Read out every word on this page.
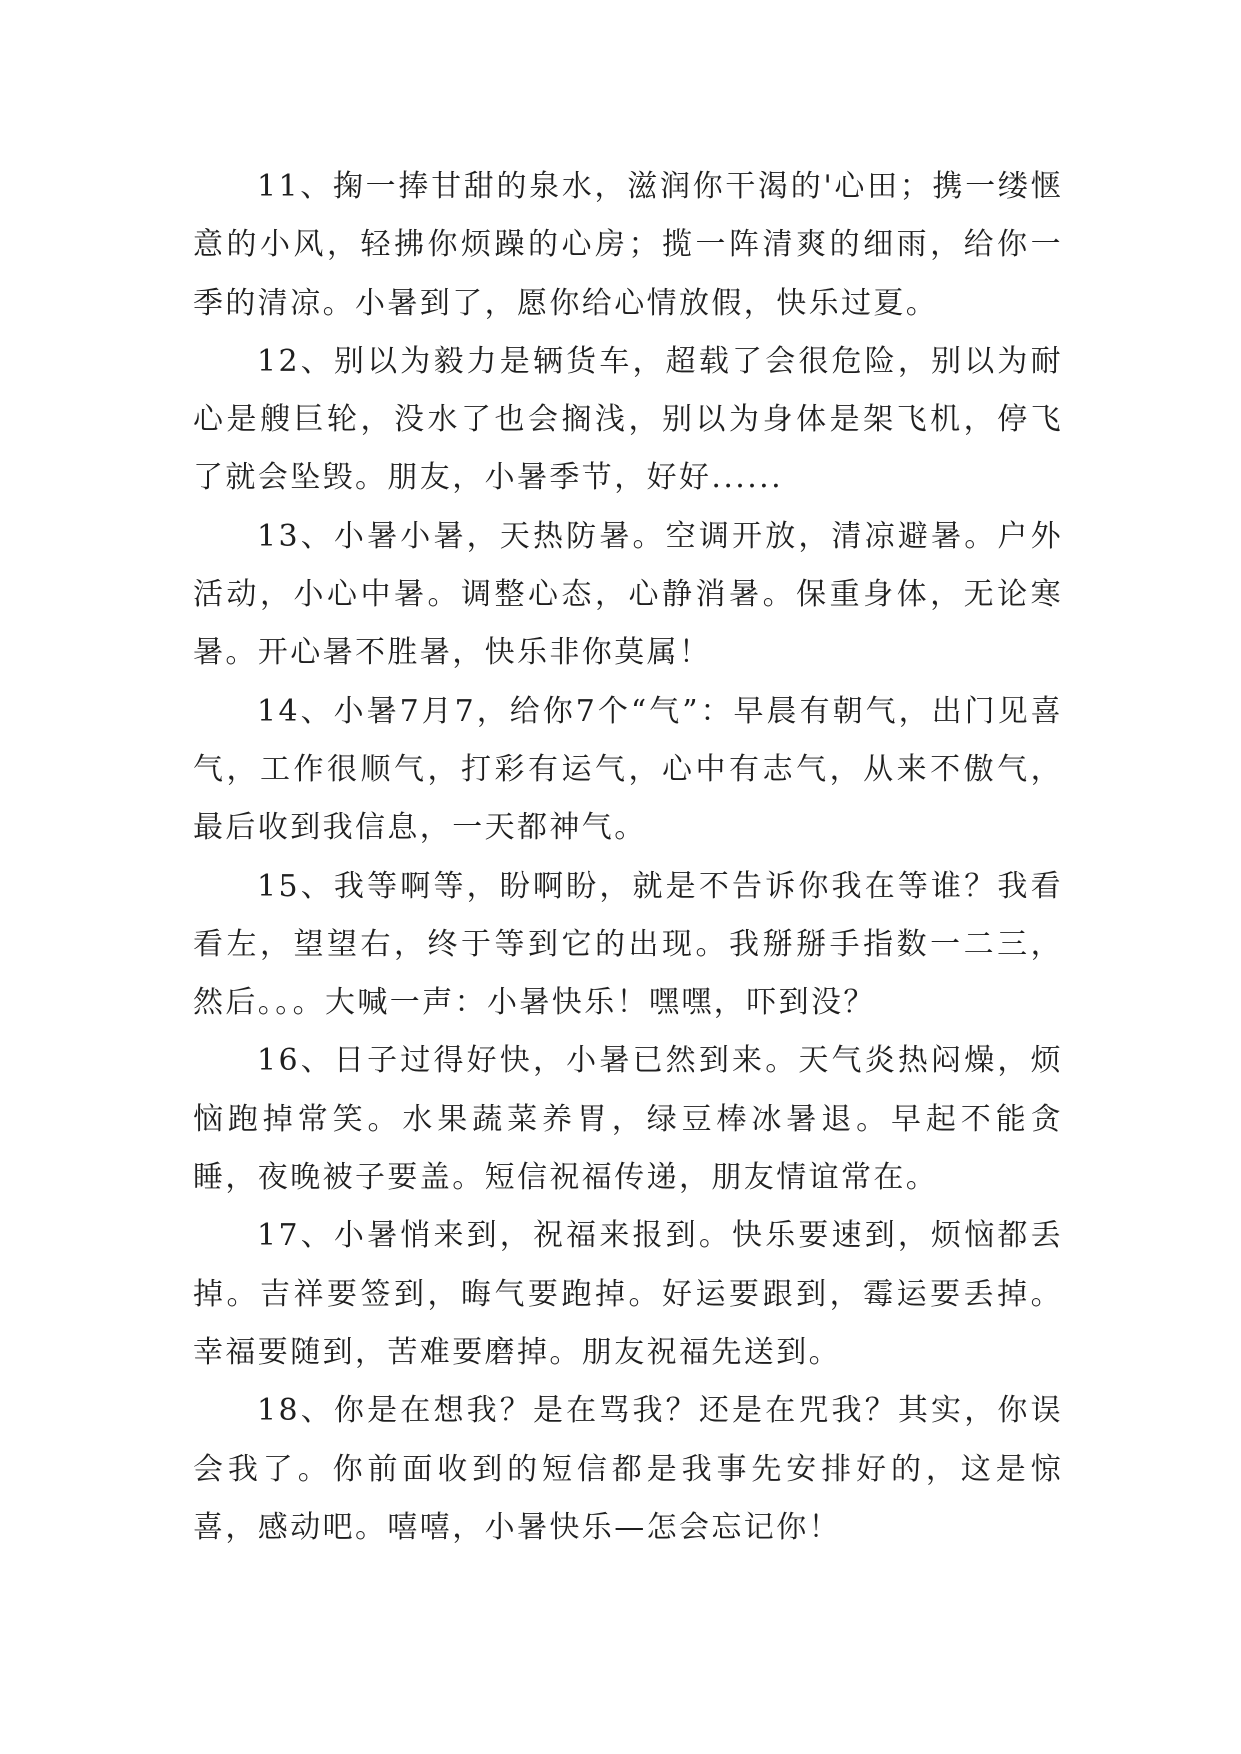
11、掬一捧甘甜的泉水，滋润你干渴的'心田；携一缕惬意的小风，轻拂你烦躁的心房；揽一阵清爽的细雨，给你一季的清凉。小暑到了，愿你给心情放假，快乐过夏。

12、别以为毅力是辆货车，超载了会很危险，别以为耐心是艘巨轮，没水了也会搁浅，别以为身体是架飞机，停飞了就会坠毁。朋友，小暑季节，好好......

13、小暑小暑，天热防暑。空调开放，清凉避暑。户外活动，小心中暑。调整心态，心静消暑。保重身体，无论寒暑。开心暑不胜暑，快乐非你莫属！

14、小暑7月7，给你7个“气”：早晨有朝气，出门见喜气，工作很顺气，打彩有运气，心中有志气，从来不傲气，最后收到我信息，一天都神气。

15、我等啊等，盼啊盼，就是不告诉你我在等谁？我看看左，望望右，终于等到它的出现。我掰掰手指数一二三，然后。。。大喊一声：小暑快乐！嘿嘿，吓到没？

16、日子过得好快，小暑已然到来。天气炎热闷燥，烦恼跑掉常笑。水果蔬菜养胃，绿豆棒冰暑退。早起不能贪睡，夜晚被子要盖。短信祝福传递，朋友情谊常在。

17、小暑悄来到，祝福来报到。快乐要速到，烦恼都丢掉。吉祥要签到，晦气要跑掉。好运要跟到，霉运要丢掉。幸福要随到，苦难要磨掉。朋友祝福先送到。

18、你是在想我？是在骂我？还是在咒我？其实，你误会我了。你前面收到的短信都是我事先安排好的，这是惊喜，感动吧。嘻嘻，小暑快乐—怎会忘记你！
